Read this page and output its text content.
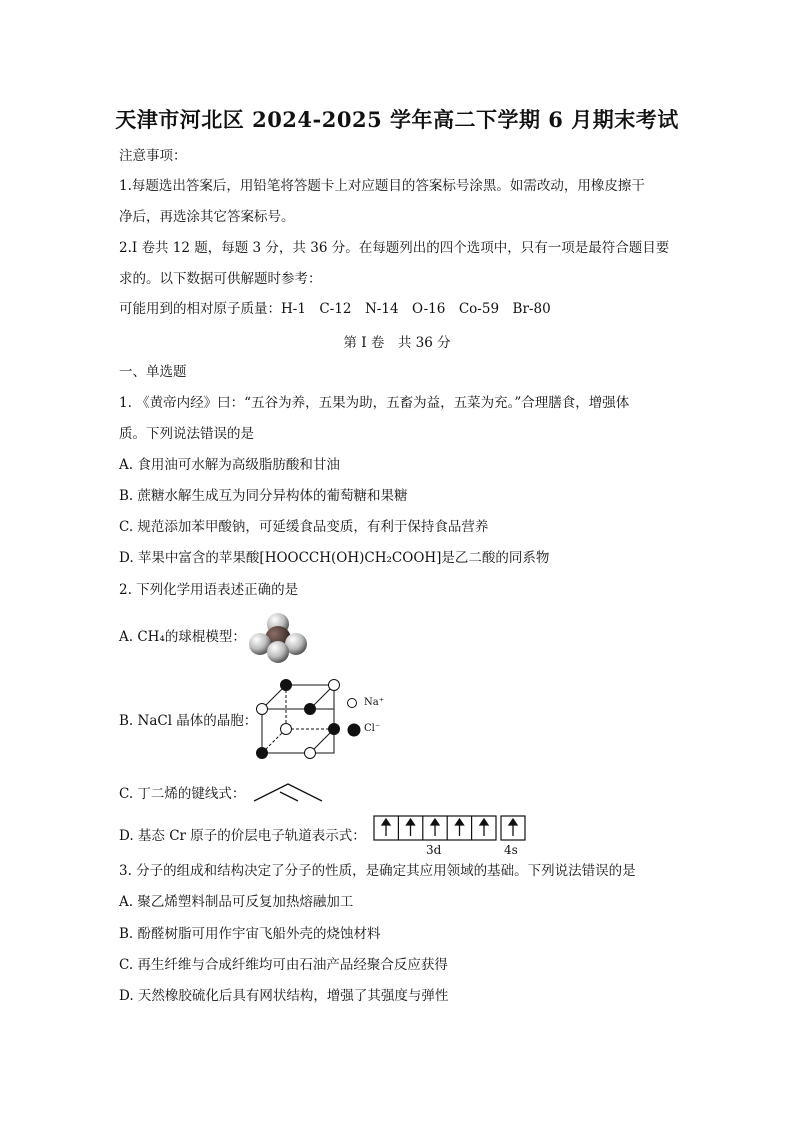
天津市河北区 2024-2025 学年高二下学期 6 月期末考试
注意事项：
1.每题选出答案后，用铅笔将答题卡上对应题目的答案标号涂黑。如需改动，用橡皮擦干
净后，再选涂其它答案标号。
2.I 卷共 12 题，每题 3 分，共 36 分。在每题列出的四个选项中，只有一项是最符合题目要
求的。以下数据可供解题时参考：
可能用到的相对原子质量：H-1　C-12　N-14　O-16　Co-59　Br-80
第 I 卷　共 36 分
一、单选题
1. 《黄帝内经》曰：“五谷为养，五果为助，五畜为益，五菜为充。”合理膳食，增强体
质。下列说法错误的是
A. 食用油可水解为高级脂肪酸和甘油
B. 蔗糖水解生成互为同分异构体的葡萄糖和果糖
C. 规范添加苯甲酸钠，可延缓食品变质，有利于保持食品营养
D. 苹果中富含的苹果酸[HOOCCH(OH)CH₂COOH]是乙二酸的同系物
2. 下列化学用语表述正确的是
A. CH₄的球棍模型：
B. NaCl 晶体的晶胞：
Na⁺
Cl⁻
C. 丁二烯的键线式：
D. 基态 Cr 原子的价层电子轨道表示式：
3d	4s
3. 分子的组成和结构决定了分子的性质，是确定其应用领域的基础。下列说法错误的是
A. 聚乙烯塑料制品可反复加热熔融加工
B. 酚醛树脂可用作宇宙飞船外壳的烧蚀材料
C. 再生纤维与合成纤维均可由石油产品经聚合反应获得
D. 天然橡胶硫化后具有网状结构，增强了其强度与弹性
